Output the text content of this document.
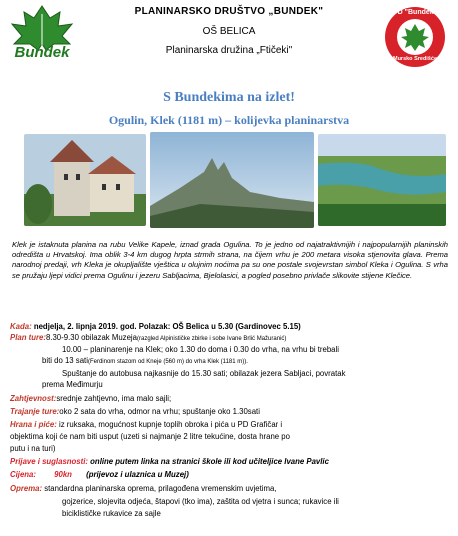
Bundek
PLANINARSKO DRUŠTVO „BUNDEK"
OŠ BELICA
Planinarska družina „Ftičeki"
PD "Bundek"
Mursko Središće
S Bundekima na izlet!
Ogulin, Klek (1181 m) – kolijevka planinarstva
Klek je istaknuta planina na rubu Velike Kapele, iznad grada Ogulina. To je jedno od najatraktivnijih i najpopularnijih planinskih odredišta u Hrvatskoj. Ima oblik 3-4 km dugog hrpta strmih strana, na čijem vrhu je 200 metara visoka stjenovita glava. Prema narodnoj predaji, vrh Kleka je okupljalište vještica u olujnim noćima pa su one postale svojevrstan simbol Kleka i Ogulina. S vrha se pružaju ljepi vidici prema Ogulinu i jezeru Sabljacima, Bjelolasici, a pogled posebno privlače slikovite stijene Klečice.
Kada: nedjelja, 2. lipnja 2019. god. Polazak: OŠ Belica u 5.30 (Gardinovec 5.15)
Plan ture:8.30-9.30 obilazak Muzeja(razgled Alpinističke zbirke i sobe Ivane Brlić Mažuranić)
10.00 – planinarenje na Klek; oko 1.30 do doma i 0.30 do vrha, na vrhu bi trebali
biti do 13 sati(Ferdinom stazom od Kneje (560 m) do vrha Klek (1181 m)).
Spuštanje do autobusa najkasnije do 15.30 sati; obilazak jezera Sabljaci, povratak
prema Međimurju
Zahtjevnost:srednje zahtjevno, ima malo sajli;
Trajanje ture:oko 2 sata do vrha, odmor na vrhu; spuštanje oko 1.30sati
Hrana i piće: iz ruksaka, mogućnost kupnje toplih obroka i pića u PD Grafičar i
objektima koji će nam biti usput (uzeti si najmanje 2 litre tekućine, dosta hrane po
putu i na turi)
Prijave i suglasnosti: online putem linka na stranici škole ili kod učiteljice Ivane Pavlic
Cijena: 90kn (prijevoz i ulaznica u Muzej)
Oprema: standardna planinarska oprema, prilagođena vremenskim uvjetima,
gojzerice, slojevita odjeća, štapovi (tko ima), zaštita od vjetra i sunca; rukavice ili
biciklističke rukavice za sajle
